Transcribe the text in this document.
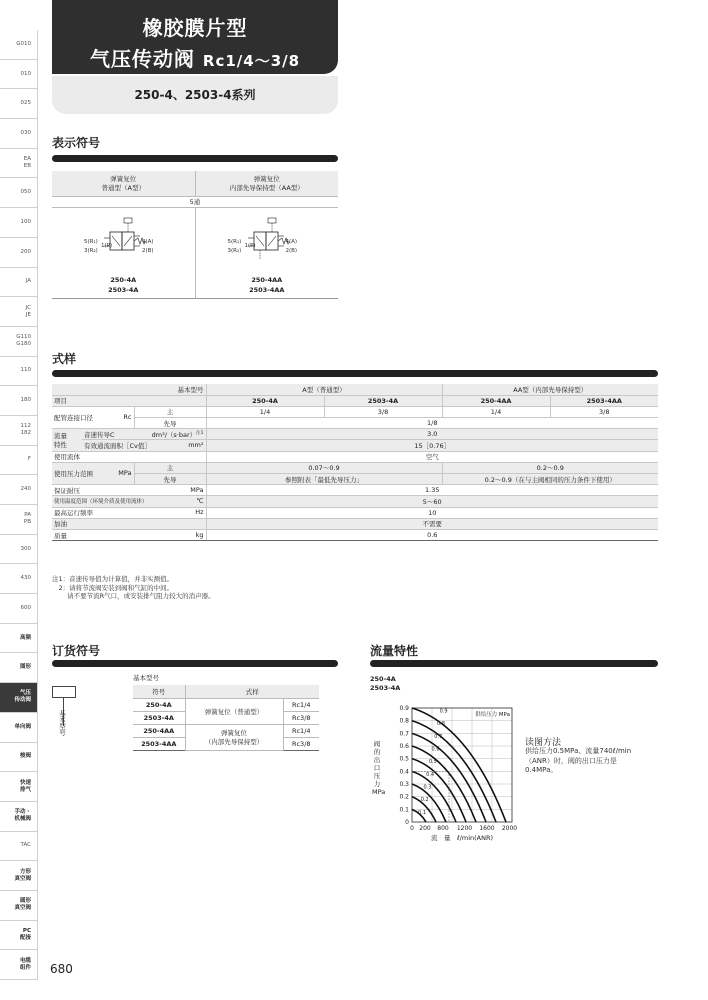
G010
010
025
030
EA
EB
050
100
200
JA
JC
JE
G110
G180
110
180
112
182
F
240
PA
PB
300
430
600
高频
图形
气压
传动阀
单向阀
梭阀
快速
排气
手动・
机械阀
TAC
方形
真空阀
圆形
真空阀
PC
配接
电缆
组件
橡胶膜片型
气压传动阀 Rc1/4～3/8
250-4、2503-4系列
表示符号
弹簧复位
普通型（A型）
弹簧复位
内部先导保持型（AA型）
5通
5(R₁)
3(R₂)
1(P)
4(A)
2(B)
250-4A
2503-4A
5(R₁)
3(R₂)
1(P)
4(A)
2(B)
250-4AA
2503-4AA
式样
基本型号			A型（普通型）		AA型（内部先导保持型）	
项目			250-4A	2503-4A	250-4AA	2503-4AA
配管连接口径 Rc		主	1/4	3/8	1/4	3/8
		先导	1/8			
流量
特性	音速传导C dm³/$(s\cdot bar)^{注1}$		3.0			
	有效通流面积［Cv值］ mm²		15［0.76］			
使用流体			空气			
使用压力范围 MPa		主	0.07～0.9		0.2～0.9	
		先导	参照附表「最低先导压力」		0.2～0.9（在与主阀相同的压力条件下使用）	
保证耐压 MPa			1.35			
使用温度范围（环境介质及使用流体） ℃			5～60			
最高运行频率 Hz			10			
加油			不需要			
质量 kg			0.6			
注1：音速传导值为计算值，并非实测值。
　2：请将节流阀安装到阀和气缸的中间。
　　 请不要节流R气口，或安装排气阻力较大的消声器。
订货符号
基本型号
基本型号
符号	式样	
250-4A	弹簧复位（普通型）	Rc1/4
2503-4A		Rc3/8
250-4AA	弹簧复位
（内部先导保持型）	Rc1/4
2503-4AA		Rc3/8
流量特性
250-4A
2503-4A
阀
的
出
口
压
力
MPa
0
0.1
0.2
0.3
0.4
0.5
0.6
0.7
0.8
0.9
0 200 800 1200 1600 2000
流　量　ℓ/min(ANR)
供给压力 MPa
0.1
0.2
0.3
0.4
0.5
0.6
0.7
0.8
0.9
读图方法
供给压力0.5MPa、流量740ℓ/min
（ANR）时，阀的出口压力是
0.4MPa。
680
